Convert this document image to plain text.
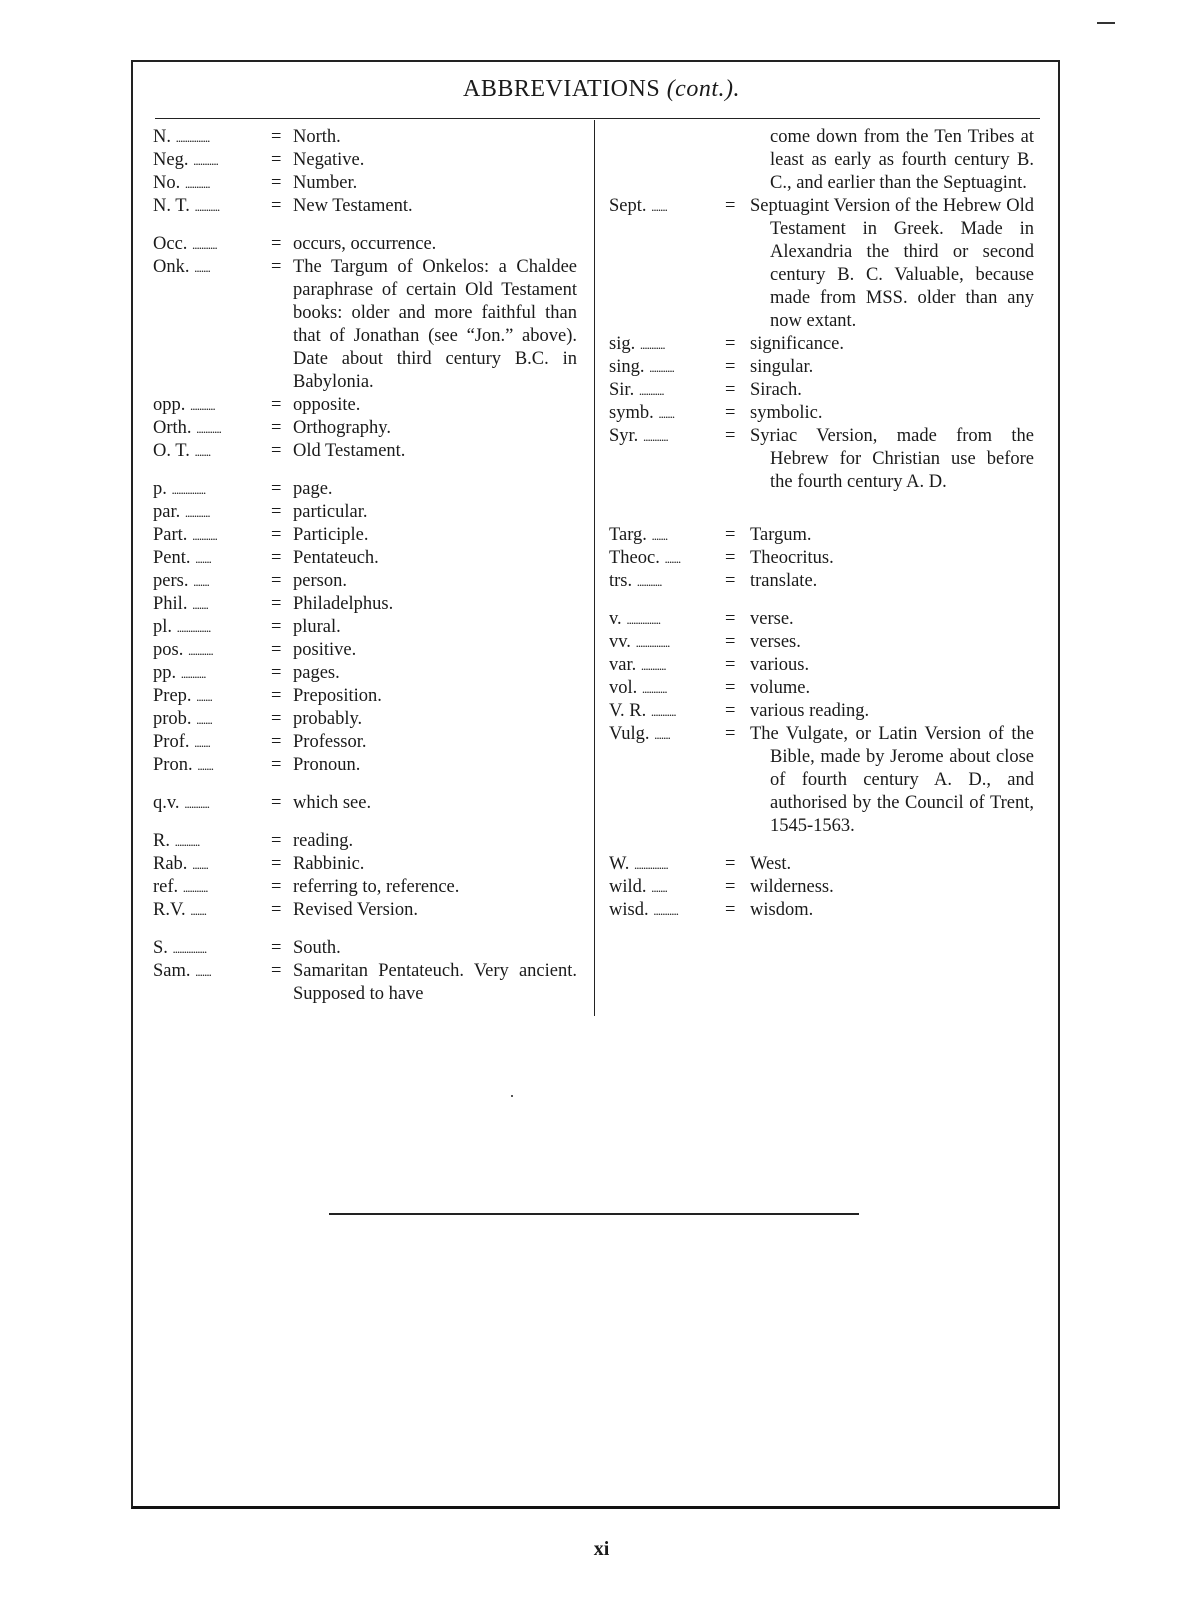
ABBREVIATIONS (cont.).
N. ...............	= North.
Neg. ...........	= Negative.
No. ...........	= Number.
N. T. ...........	= New Testament.
Occ. ...........	= occurs, occurrence.
Onk. .......	= The Targum of Onkelos: a Chaldee paraphrase of certain Old Testament books: older and more faithful than that of Jonathan (see “Jon.” above). Date about third century B.C. in Babylonia.
opp. ...........	= opposite.
Orth. ...........	= Orthography.
O. T. .......	= Old Testament.
p. ...............	= page.
par. ...........	= particular.
Part. ...........	= Participle.
Pent. .......	= Pentateuch.
pers. .......	= person.
Phil. .......	= Philadelphus.
pl. ...............	= plural.
pos. ...........	= positive.
pp. ...........	= pages.
Prep. .......	= Preposition.
prob. .......	= probably.
Prof. .......	= Professor.
Pron. .......	= Pronoun.
q.v. ...........	= which see.
R. ...........	= reading.
Rab. .......	= Rabbinic.
ref. ...........	= referring to, reference.
R.V. .......	= Revised Version.
S. ...............	= South.
Sam. .......	= Samaritan Pentateuch. Very ancient. Supposed to have
come down from the Ten Tribes at least as early as fourth century B. C., and earlier than the Septuagint.
Sept. .......	= Septuagint Version of the Hebrew Old Testament in Greek. Made in Alexandria the third or second century B. C. Valuable, because made from MSS. older than any now extant.
sig. ...........	= significance.
sing. ...........	= singular.
Sir. ...........	= Sirach.
symb. .......	= symbolic.
Syr. ...........	= Syriac Version, made from the Hebrew for Christian use before the fourth century A. D.
Targ. .......	= Targum.
Theoc. ....... = Theocritus.
trs. ...........	= translate.
v. ...............	= verse.
vv. ...............	= verses.
var. ...........	= various.
vol. ...........	= volume.
V. R. ...........	= various reading.
Vulg. .......	= The Vulgate, or Latin Version of the Bible, made by Jerome about close of fourth century A. D., and authorised by the Council of Trent, 1545-1563.
W. ...............	= West.
wild. .......	= wilderness.
wisd. ...........	= wisdom.
xi
